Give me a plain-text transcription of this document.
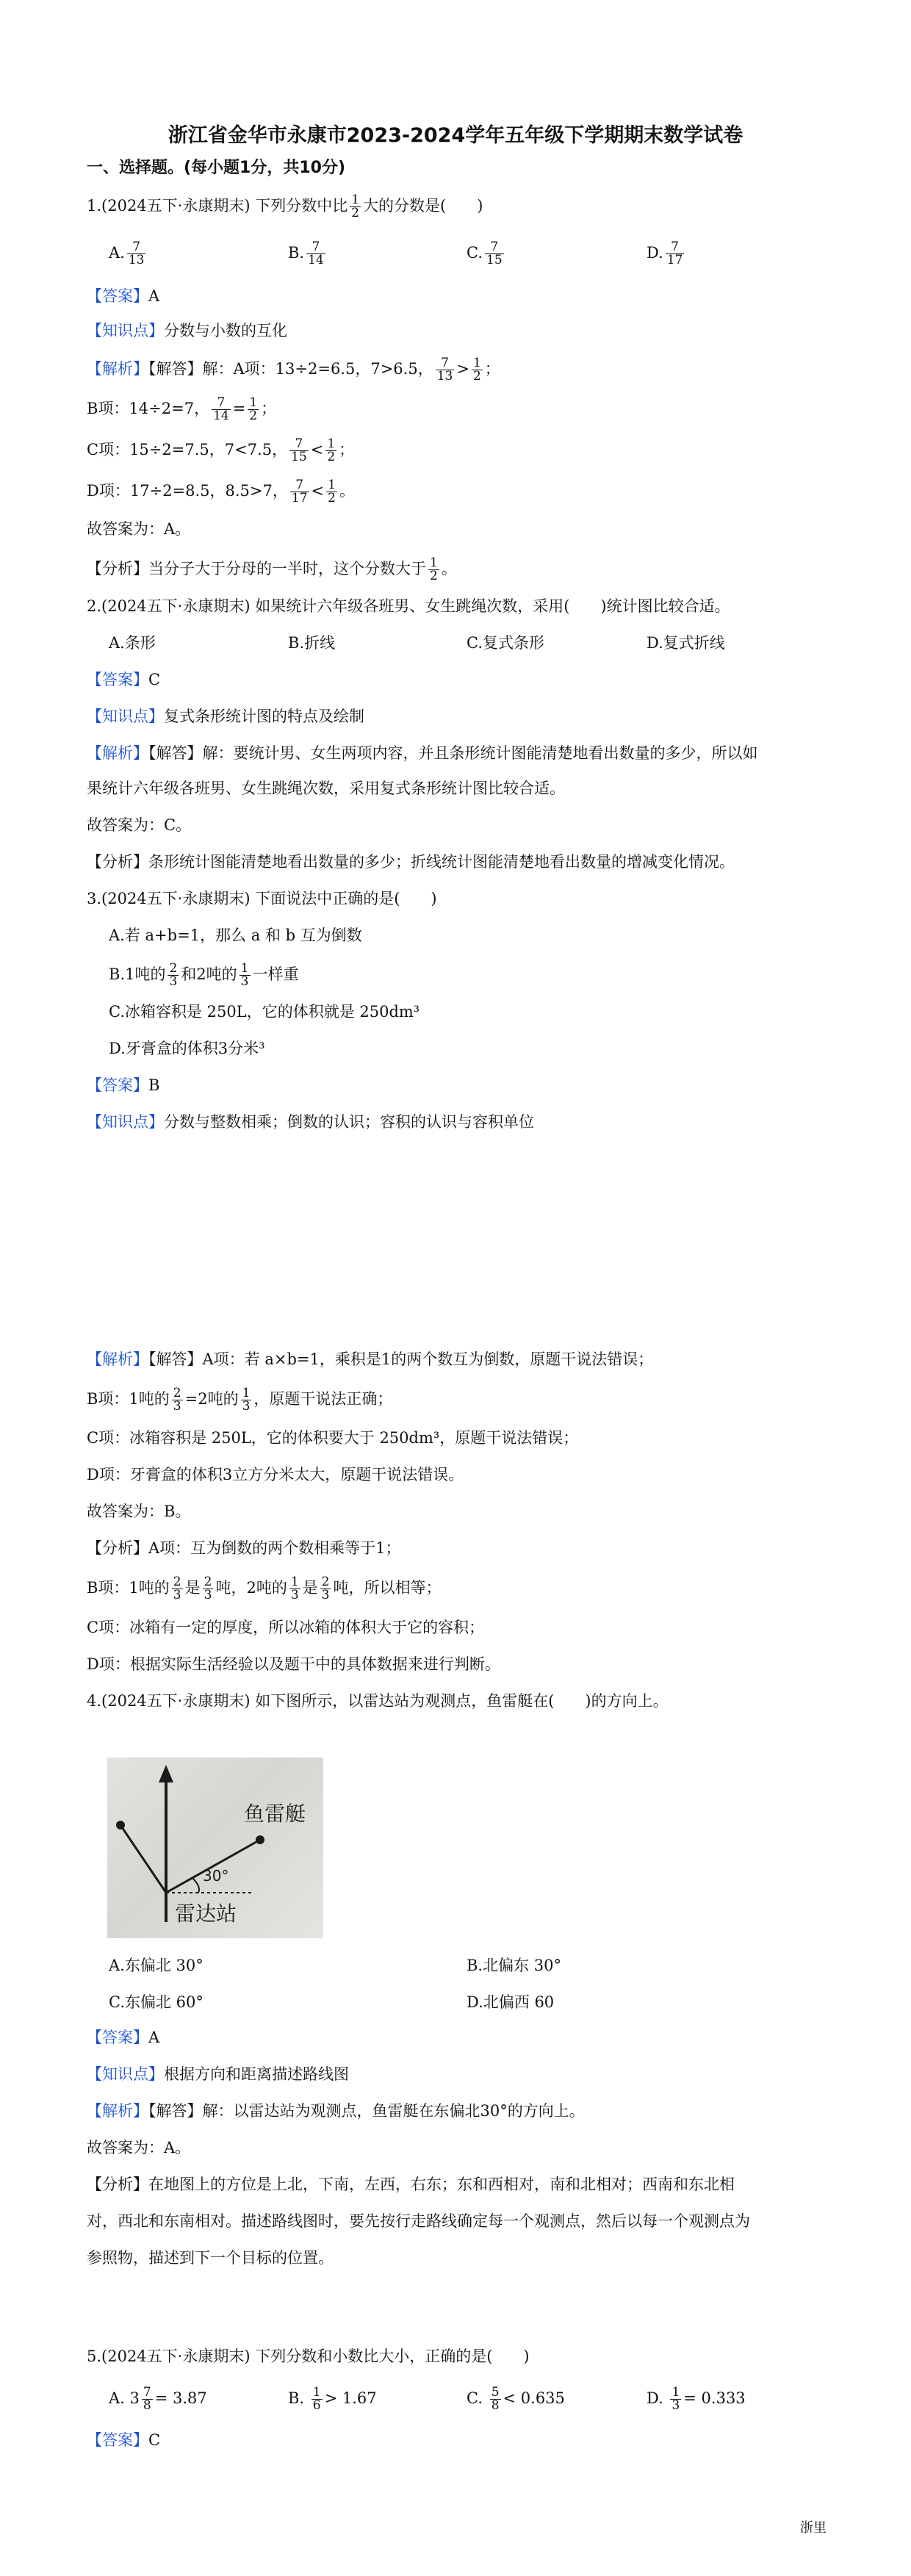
浙江省金华市永康市2023-2024学年五年级下学期期末数学试卷
一、选择题。(每小题1分，共10分)
1.(2024五下·永康期末) 下列分数中比 $\frac{1}{2}$ 大的分数是(　　)
A. $\frac{7}{13}$	B. $\frac{7}{14}$	C. $\frac{7}{15}$	D. $\frac{7}{17}$
【答案】A
【知识点】分数与小数的互化
【解析】【解答】解：A项：13÷2=6.5，7>6.5， $\frac{7}{13} > \frac{1}{2}$ ；
B项：14÷2=7， $\frac{7}{14} = \frac{1}{2}$ ；
C项：15÷2=7.5，7<7.5， $\frac{7}{15} < \frac{1}{2}$ ；
D项：17÷2=8.5，8.5>7， $\frac{7}{17} < \frac{1}{2}$ 。
故答案为：A。
【分析】当分子大于分母的一半时，这个分数大于 $\frac{1}{2}$ 。
2.(2024五下·永康期末) 如果统计六年级各班男、女生跳绳次数，采用(　　)统计图比较合适。
A.条形	B.折线	C.复式条形	D.复式折线
【答案】C
【知识点】复式条形统计图的特点及绘制
【解析】【解答】解：要统计男、女生两项内容，并且条形统计图能清楚地看出数量的多少，所以如
果统计六年级各班男、女生跳绳次数，采用复式条形统计图比较合适。
故答案为：C。
【分析】条形统计图能清楚地看出数量的多少；折线统计图能清楚地看出数量的增减变化情况。
3.(2024五下·永康期末) 下面说法中正确的是(　　)
A.若 a+b=1，那么 a 和 b 互为倒数
B.1吨的 $\frac{2}{3}$ 和2吨的 $\frac{1}{3}$ 一样重
C.冰箱容积是 250L，它的体积就是 250dm³
D.牙膏盒的体积3分米³
【答案】B
【知识点】分数与整数相乘；倒数的认识；容积的认识与容积单位
【解析】【解答】A项：若 a×b=1，乘积是1的两个数互为倒数，原题干说法错误；
B项：1吨的 $\frac{2}{3} =2$吨的 $\frac{1}{3}$ ，原题干说法正确；
C项：冰箱容积是 250L，它的体积要大于 250dm³，原题干说法错误；
D项：牙膏盒的体积3立方分米太大，原题干说法错误。
故答案为：B。
【分析】A项：互为倒数的两个数相乘等于1；
B项：1吨的 $\frac{2}{3}$ 是 $\frac{2}{3}$ 吨，2吨的 $\frac{1}{3}$ 是 $\frac{2}{3}$ 吨，所以相等；
C项：冰箱有一定的厚度，所以冰箱的体积大于它的容积；
D项：根据实际生活经验以及题干中的具体数据来进行判断。
4.(2024五下·永康期末) 如下图所示，以雷达站为观测点，鱼雷艇在(　　)的方向上。
鱼雷艇
30°
雷达站
A.东偏北 30°	B.北偏东 30°
C.东偏北 60°	D.北偏西 60
【答案】A
【知识点】根据方向和距离描述路线图
【解析】【解答】解：以雷达站为观测点，鱼雷艇在东偏北30°的方向上。
故答案为：A。
【分析】在地图上的方位是上北，下南，左西，右东；东和西相对，南和北相对；西南和东北相
对，西北和东南相对。描述路线图时，要先按行走路线确定每一个观测点，然后以每一个观测点为
参照物，描述到下一个目标的位置。
5.(2024五下·永康期末) 下列分数和小数比大小，正确的是(　　)
A. $3 \frac{7}{8} = 3.87$	B. $\frac{1}{6} > 1.67$	C. $\frac{5}{8} < 0.635$	D. $\frac{1}{3} = 0.333$
【答案】C
浙里
